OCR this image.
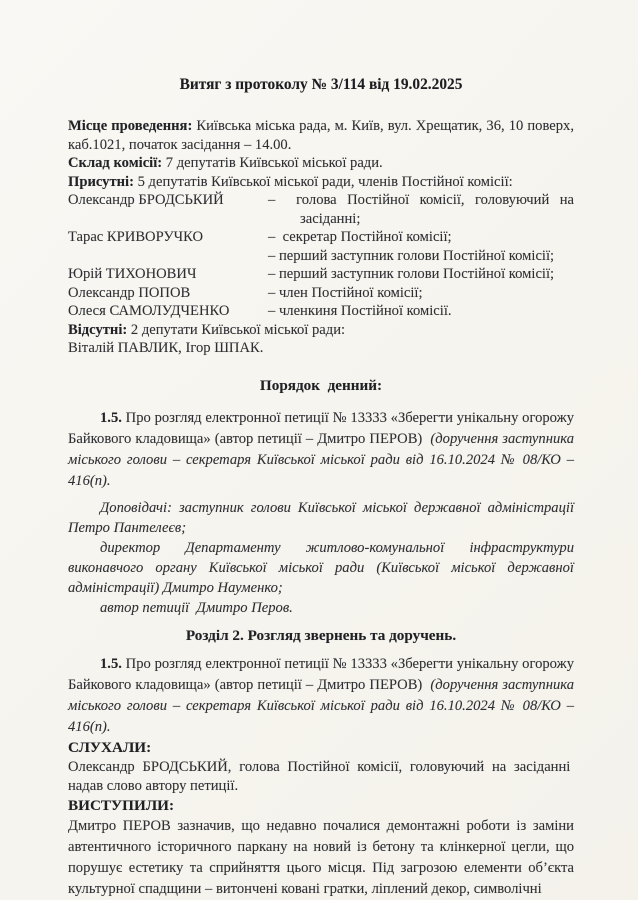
Витяг з протоколу № 3/114 від 19.02.2025

Місце проведення: Київська міська рада, м. Київ, вул. Хрещатик, 36, 10 поверх, каб.1021, початок засідання – 14.00.

Склад комісії: 7 депутатів Київської міської ради.

Присутні: 5 депутатів Київської міської ради, членів Постійної комісії:

Олександр БРОДСЬКИЙ	–  голова Постійної комісії, головуючий на засіданні;
Тарас КРИВОРУЧКО	–  секретар Постійної комісії;
– перший заступник голови Постійної комісії;
Юрій ТИХОНОВИЧ	– перший заступник голови Постійної комісії;
Олександр ПОПОВ	– член Постійної комісії;
Олеся САМОЛУДЧЕНКО	– членкиня Постійної комісії.

Відсутні: 2 депутати Київської міської ради:

Віталій ПАВЛИК, Ігор ШПАК.

Порядок  денний:

1.5. Про розгляд електронної петиції № 13333 «Зберегти унікальну огорожу Байкового кладовища» (автор петиції – Дмитро ПЕРОВ)  (доручення заступника міського голови – секретаря Київської міської ради від 16.10.2024 № 08/КО –416(п).

Доповідачі: заступник голови Київської міської державної адміністрації Петро Пантелеєв;

директор Департаменту житлово-комунальної інфраструктури виконавчого органу Київської міської ради (Київської міської державної адміністрації) Дмитро Науменко;

автор петиції  Дмитро Перов.

Розділ 2. Розгляд звернень та доручень.

1.5. Про розгляд електронної петиції № 13333 «Зберегти унікальну огорожу Байкового кладовища» (автор петиції – Дмитро ПЕРОВ)  (доручення заступника міського голови – секретаря Київської міської ради від 16.10.2024 № 08/КО –416(п).

СЛУХАЛИ:

Олександр БРОДСЬКИЙ, голова Постійної комісії, головуючий на засіданні  надав слово автору петиції.

ВИСТУПИЛИ:

Дмитро ПЕРОВ зазначив, що недавно почалися демонтажні роботи із заміни автентичного історичного паркану на новий із бетону та клінкерної цегли, що порушує естетику та сприйняття цього місця. Під загрозою елементи об’єкта культурної спадщини – витончені ковані гратки, ліплений декор, символічні
